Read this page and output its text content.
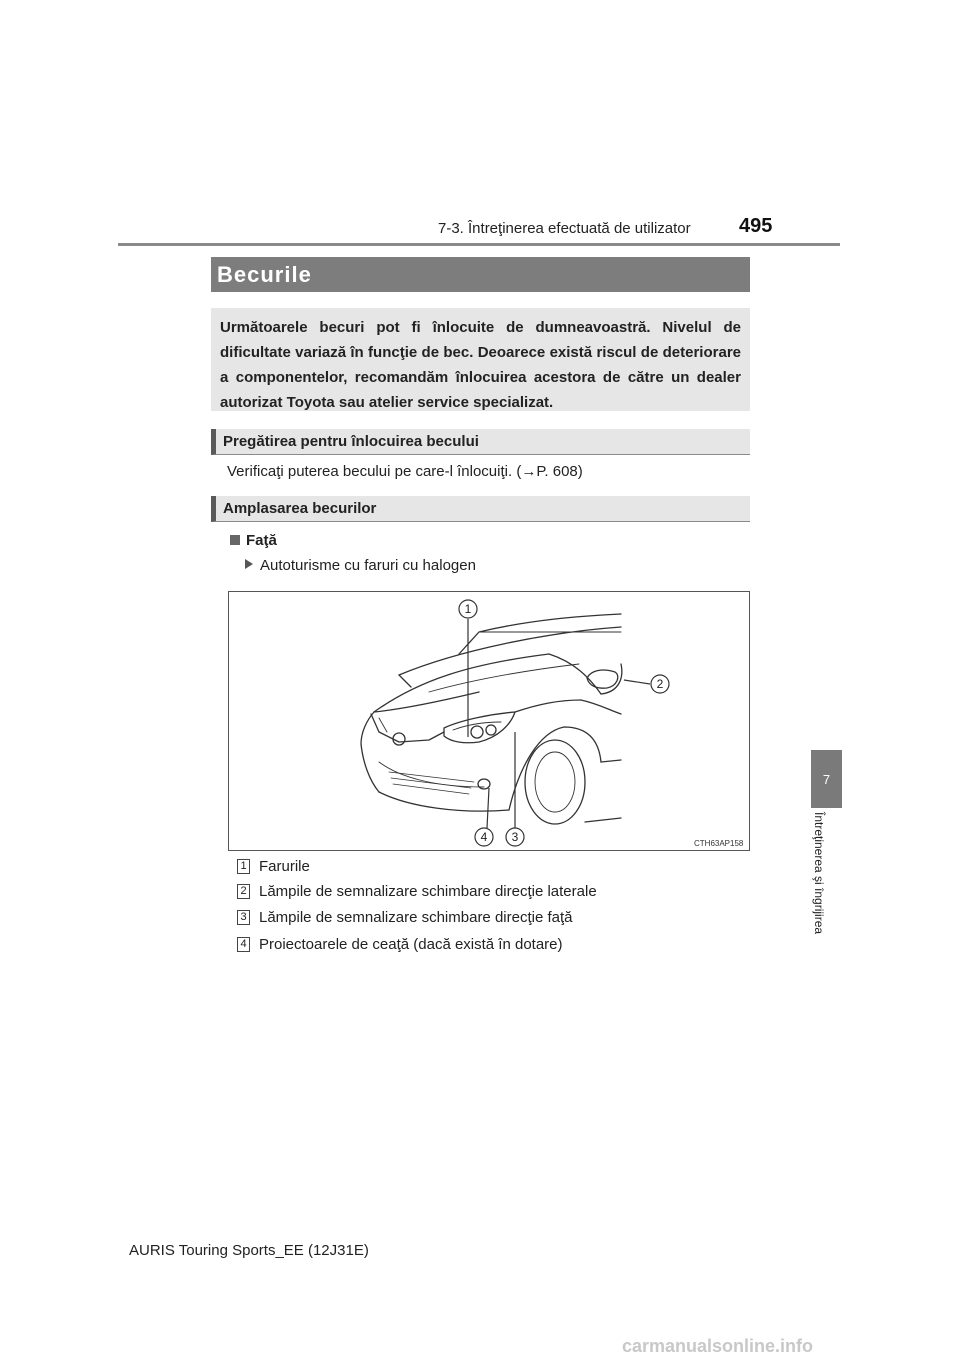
7-3. Întreţinerea efectuată de utilizator 495
7
Întreţinerea şi îngrijirea
Becurile
Următoarele becuri pot fi înlocuite de dumneavoastră. Nivelul de dificultate variază în funcţie de bec. Deoarece există riscul de deteriorare a componentelor, recomandăm înlocuirea acestora de către un dealer autorizat Toyota sau atelier service specializat.
Pregătirea pentru înlocuirea becului
Verificaţi puterea becului pe care-l înlocuiţi. (→P. 608)
Amplasarea becurilor
Faţă
Autoturisme cu faruri cu halogen
1
2
3
4	CTH63AP158
1 Farurile
2 Lămpile de semnalizare schimbare direcţie laterale
3 Lămpile de semnalizare schimbare direcţie faţă
4 Proiectoarele de ceaţă (dacă există în dotare)
AURIS Touring Sports_EE (12J31E)
carmanualsonline.info
